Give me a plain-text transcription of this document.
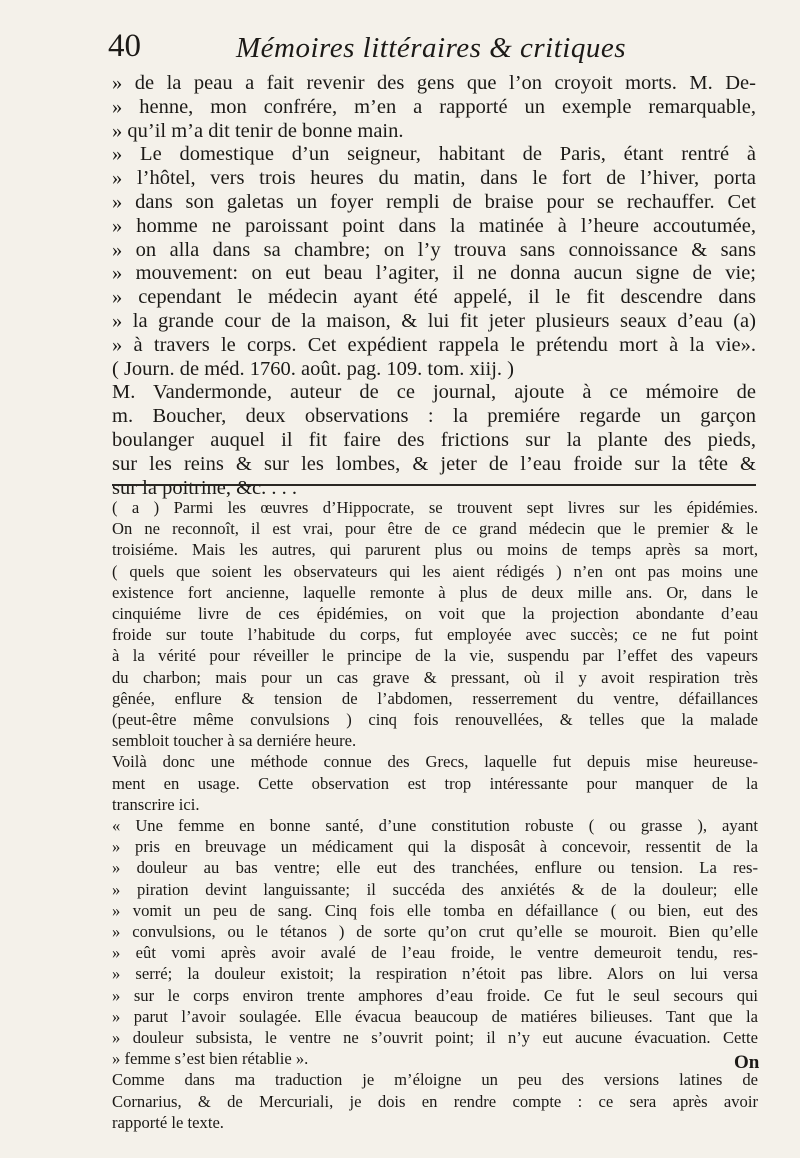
40	Mémoires littéraires & critiques
» de la peau a fait revenir des gens que l’on croyoit morts. M. De-
» henne, mon confrére, m’en a rapporté un exemple remarquable,
» qu’il m’a dit tenir de bonne main.
» Le domestique d’un seigneur, habitant de Paris, étant rentré à
» l’hôtel, vers trois heures du matin, dans le fort de l’hiver, porta
» dans son galetas un foyer rempli de braise pour se rechauffer. Cet
» homme ne paroissant point dans la matinée à l’heure accoutumée,
» on alla dans sa chambre; on l’y trouva sans connoissance & sans
» mouvement: on eut beau l’agiter, il ne donna aucun signe de vie;
» cependant le médecin ayant été appelé, il le fit descendre dans
» la grande cour de la maison, & lui fit jeter plusieurs seaux d’eau (a)
» à travers le corps. Cet expédient rappela le prétendu mort à la vie».
( Journ. de méd. 1760. août. pag. 109. tom. xiij. )
M. Vandermonde, auteur de ce journal, ajoute à ce mémoire de
m. Boucher, deux observations : la premiére regarde un garçon
boulanger auquel il fit faire des frictions sur la plante des pieds,
sur les reins & sur les lombes, & jeter de l’eau froide sur la tête &
sur la poitrine, &c. . . .
( a ) Parmi les œuvres d’Hippocrate, se trouvent sept livres sur les épidémies.
On ne reconnoît, il est vrai, pour être de ce grand médecin que le premier & le
troisiéme. Mais les autres, qui parurent plus ou moins de temps après sa mort,
( quels que soient les observateurs qui les aient rédigés ) n’en ont pas moins une
existence fort ancienne, laquelle remonte à plus de deux mille ans. Or, dans le
cinquiéme livre de ces épidémies, on voit que la projection abondante d’eau
froide sur toute l’habitude du corps, fut employée avec succès; ce ne fut point
à la vérité pour réveiller le principe de la vie, suspendu par l’effet des vapeurs
du charbon; mais pour un cas grave & pressant, où il y avoit respiration très
gênée, enflure & tension de l’abdomen, resserrement du ventre, défaillances
(peut-être même convulsions ) cinq fois renouvellées, & telles que la malade
sembloit toucher à sa derniére heure.
Voilà donc une méthode connue des Grecs, laquelle fut depuis mise heureuse-
ment en usage. Cette observation est trop intéressante pour manquer de la
transcrire ici.
« Une femme en bonne santé, d’une constitution robuste ( ou grasse ), ayant
» pris en breuvage un médicament qui la disposât à concevoir, ressentit de la
» douleur au bas ventre; elle eut des tranchées, enflure ou tension. La res-
» piration devint languissante; il succéda des anxiétés & de la douleur; elle
» vomit un peu de sang. Cinq fois elle tomba en défaillance ( ou bien, eut des
» convulsions, ou le tétanos ) de sorte qu’on crut qu’elle se mouroit. Bien qu’elle
» eût vomi après avoir avalé de l’eau froide, le ventre demeuroit tendu, res-
» serré; la douleur existoit; la respiration n’étoit pas libre. Alors on lui versa
» sur le corps environ trente amphores d’eau froide. Ce fut le seul secours qui
» parut l’avoir soulagée. Elle évacua beaucoup de matiéres bilieuses. Tant que la
» douleur subsista, le ventre ne s’ouvrit point; il n’y eut aucune évacuation. Cette
» femme s’est bien rétablie ».
Comme dans ma traduction je m’éloigne un peu des versions latines de
Cornarius, & de Mercuriali, je dois en rendre compte : ce sera après avoir
rapporté le texte.
On
